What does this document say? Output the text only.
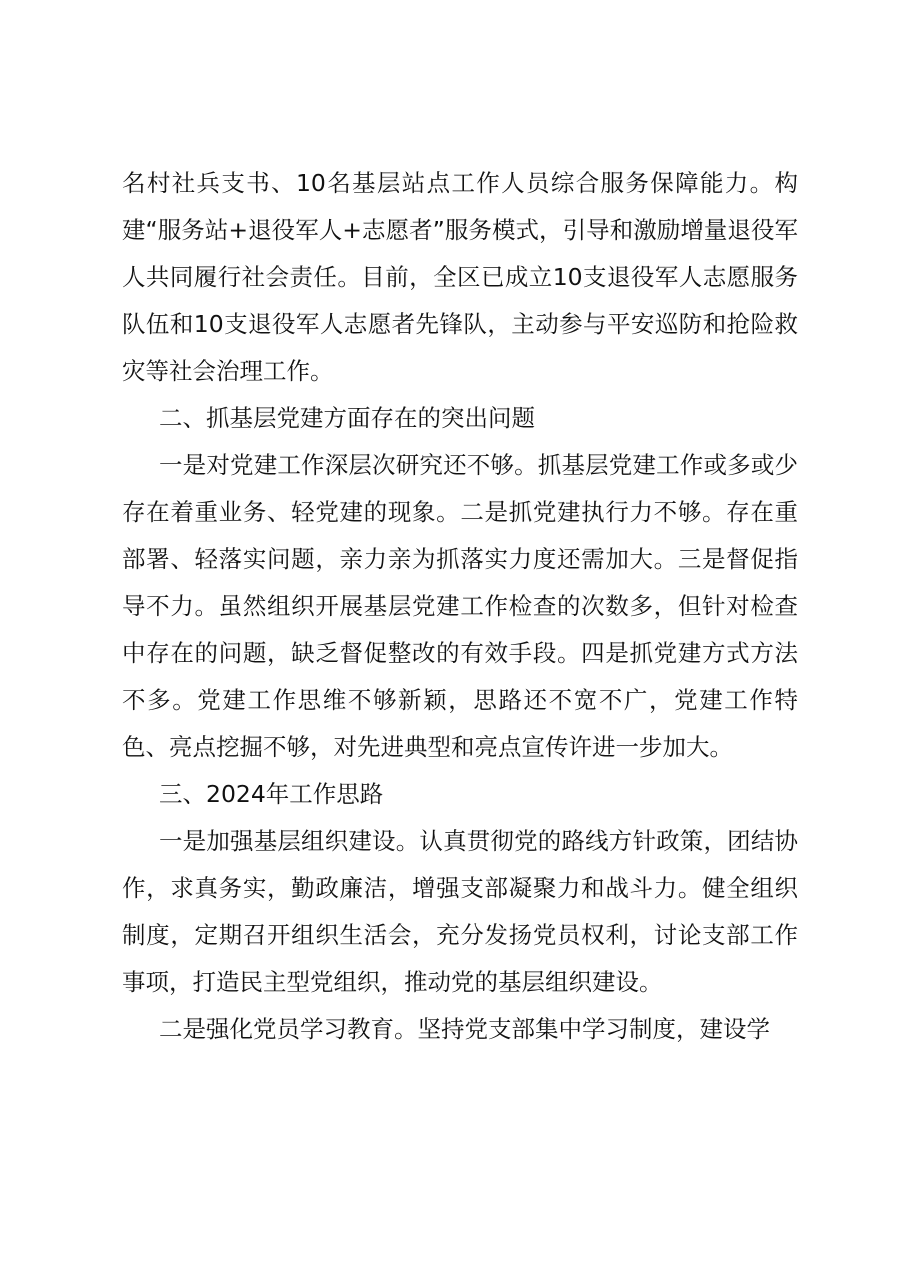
名村社兵支书、10名基层站点工作人员综合服务保障能力。构建“服务站+退役军人+志愿者”服务模式，引导和激励增量退役军人共同履行社会责任。目前，全区已成立10支退役军人志愿服务队伍和10支退役军人志愿者先锋队，主动参与平安巡防和抢险救灾等社会治理工作。

二、抓基层党建方面存在的突出问题

一是对党建工作深层次研究还不够。抓基层党建工作或多或少存在着重业务、轻党建的现象。二是抓党建执行力不够。存在重部署、轻落实问题，亲力亲为抓落实力度还需加大。三是督促指导不力。虽然组织开展基层党建工作检查的次数多，但针对检查中存在的问题，缺乏督促整改的有效手段。四是抓党建方式方法不多。党建工作思维不够新颖，思路还不宽不广，党建工作特色、亮点挖掘不够，对先进典型和亮点宣传许进一步加大。

三、2024年工作思路

一是加强基层组织建设。认真贯彻党的路线方针政策，团结协作，求真务实，勤政廉洁，增强支部凝聚力和战斗力。健全组织制度，定期召开组织生活会，充分发扬党员权利，讨论支部工作事项，打造民主型党组织，推动党的基层组织建设。

二是强化党员学习教育。坚持党支部集中学习制度，建设学
